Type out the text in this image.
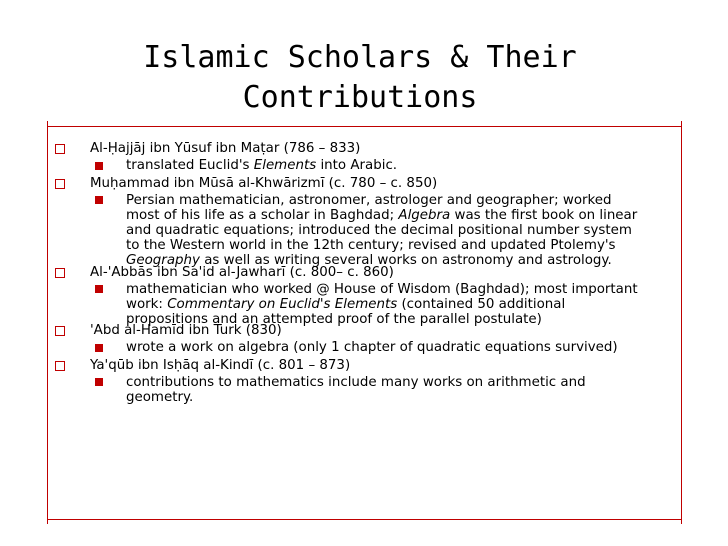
Islamic Scholars & Their
Contributions
Al-Ḥajjāj ibn Yūsuf ibn Maṭar (786 – 833)
translated Euclid's Elements into Arabic.
Muḥammad ibn Mūsā al-Khwārizmī (c. 780 – c. 850)
Persian mathematician, astronomer, astrologer and geographer; worked
most of his life as a scholar in Baghdad; Algebra was the first book on linear
and quadratic equations; introduced the decimal positional number system
to the Western world in the 12th century; revised and updated Ptolemy's
Geography as well as writing several works on astronomy and astrology.
Al-'Abbās ibn Sa'id al-Jawharī (c. 800– c. 860)
mathematician who worked @ House of Wisdom (Baghdad); most important
work: Commentary on Euclid's Elements (contained 50 additional
propositions and an attempted proof of the parallel postulate)
'Abd al-Hamīd ibn Turk (830)
wrote a work on algebra (only 1 chapter of quadratic equations survived)
Ya'qūb ibn Isḥāq al-Kindī (c. 801 – 873)
contributions to mathematics include many works on arithmetic and
geometry.
